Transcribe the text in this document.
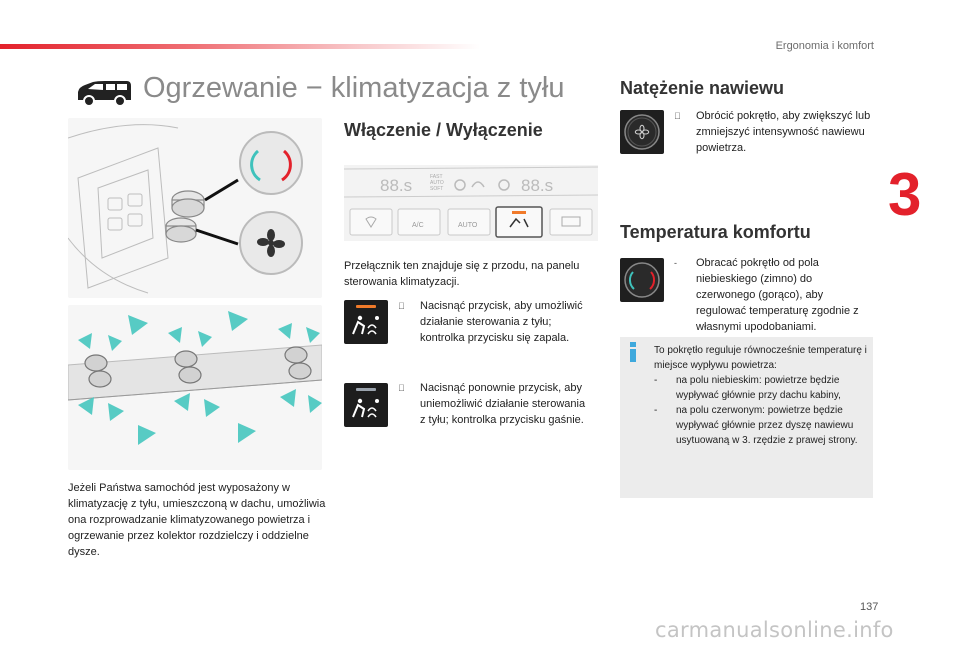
Ergonomia i komfort
3
Ogrzewanie − klimatyzacja z tyłu
Jeżeli Państwa samochód jest wyposażony w klimatyzację z tyłu, umieszczoną w dachu, umożliwia ona rozprowadzanie klimatyzowanego powietrza i ogrzewanie przez kolektor rozdzielczy i oddzielne dysze.
Włączenie / Wyłączenie
88.s	88.s
FAST
AUTO
SOFT
A/C	AUTO
Przełącznik ten znajduje się z przodu, na panelu sterowania klimatyzacji.
Nacisnąć przycisk, aby umożliwić działanie sterowania z tyłu; kontrolka przycisku się zapala.
Nacisnąć ponownie przycisk, aby uniemożliwić działanie sterowania z tyłu; kontrolka przycisku gaśnie.
Natężenie nawiewu
Obrócić pokrętło, aby zwiększyć lub zmniejszyć intensywność nawiewu powietrza.
Temperatura komfortu
- Obracać pokrętło od pola niebieskiego (zimno) do czerwonego (gorąco), aby regulować temperaturę zgodnie z własnymi upodobaniami.
To pokrętło reguluje równocześnie temperaturę i miejsce wypływu powietrza:
- na polu niebieskim: powietrze będzie wypływać głównie przy dachu kabiny,
- na polu czerwonym: powietrze będzie wypływać głównie przez dyszę nawiewu usytuowaną w 3. rzędzie z prawej strony.
137
carmanualsonline.info
